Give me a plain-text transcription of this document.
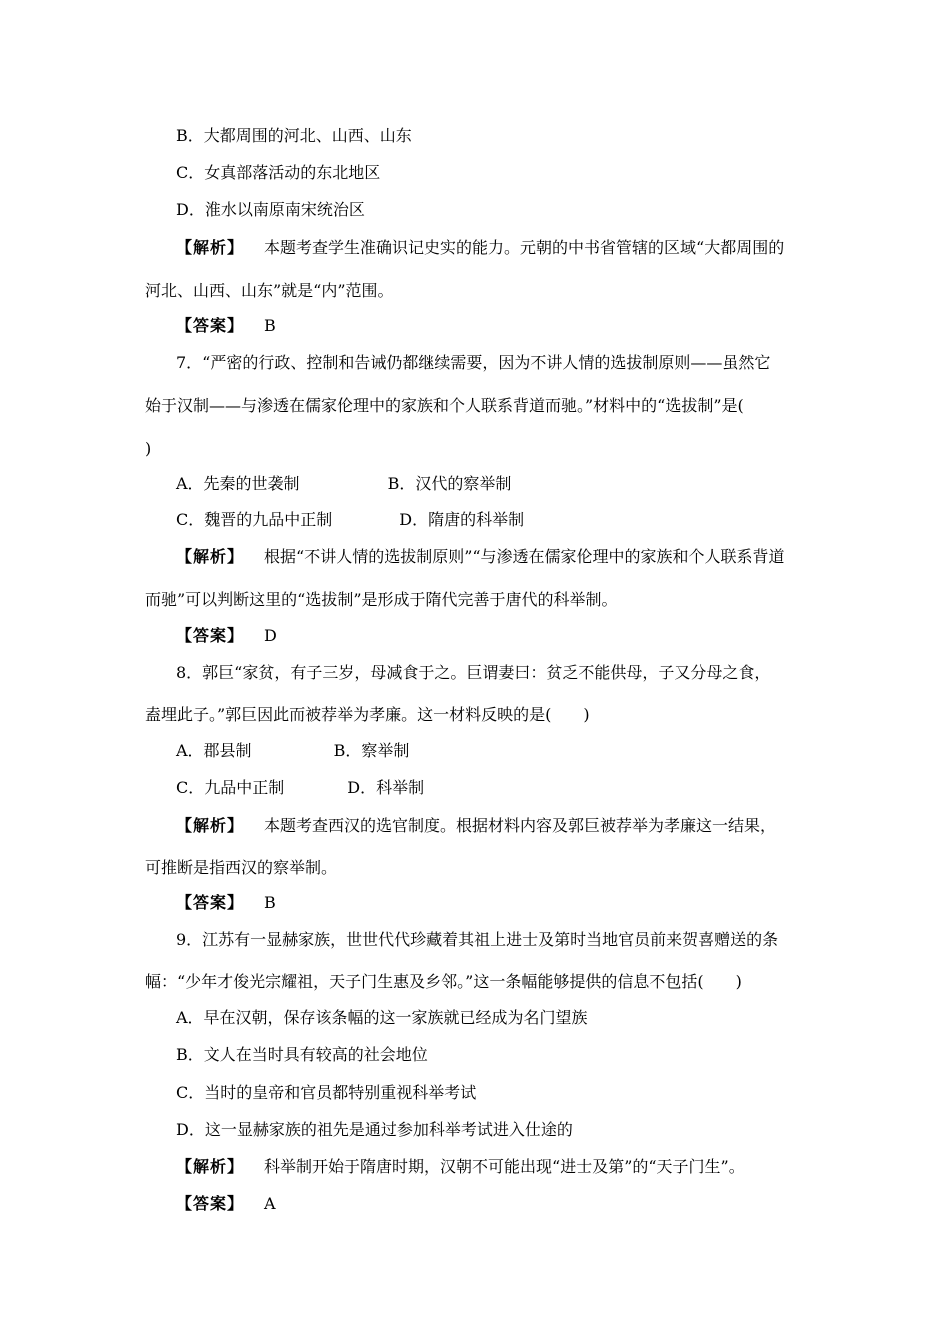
B．大都周围的河北、山西、山东
C．女真部落活动的东北地区
D．淮水以南原南宋统治区
【解析】 本题考查学生准确识记史实的能力。元朝的中书省管辖的区域“大都周围的
河北、山西、山东”就是“内”范围。
【答案】 B
7．“严密的行政、控制和告诫仍都继续需要，因为不讲人情的选拔制原则——虽然它
始于汉制——与渗透在儒家伦理中的家族和个人联系背道而驰。”材料中的“选拔制”是(
)
A．先秦的世袭制	B．汉代的察举制
C．魏晋的九品中正制	D．隋唐的科举制
【解析】 根据“不讲人情的选拔制原则”“与渗透在儒家伦理中的家族和个人联系背道
而驰”可以判断这里的“选拔制”是形成于隋代完善于唐代的科举制。
【答案】 D
8．郭巨“家贫，有子三岁，母减食于之。巨谓妻曰：贫乏不能供母，子又分母之食，
盍埋此子。”郭巨因此而被荐举为孝廉。这一材料反映的是(　　)
A．郡县制	B．察举制
C．九品中正制	D．科举制
【解析】 本题考查西汉的选官制度。根据材料内容及郭巨被荐举为孝廉这一结果，
可推断是指西汉的察举制。
【答案】 B
9．江苏有一显赫家族，世世代代珍藏着其祖上进士及第时当地官员前来贺喜赠送的条
幅：“少年才俊光宗耀祖，天子门生惠及乡邻。”这一条幅能够提供的信息不包括(　　)
A．早在汉朝，保存该条幅的这一家族就已经成为名门望族
B．文人在当时具有较高的社会地位
C．当时的皇帝和官员都特别重视科举考试
D．这一显赫家族的祖先是通过参加科举考试进入仕途的
【解析】 科举制开始于隋唐时期，汉朝不可能出现“进士及第”的“天子门生”。
【答案】 A
